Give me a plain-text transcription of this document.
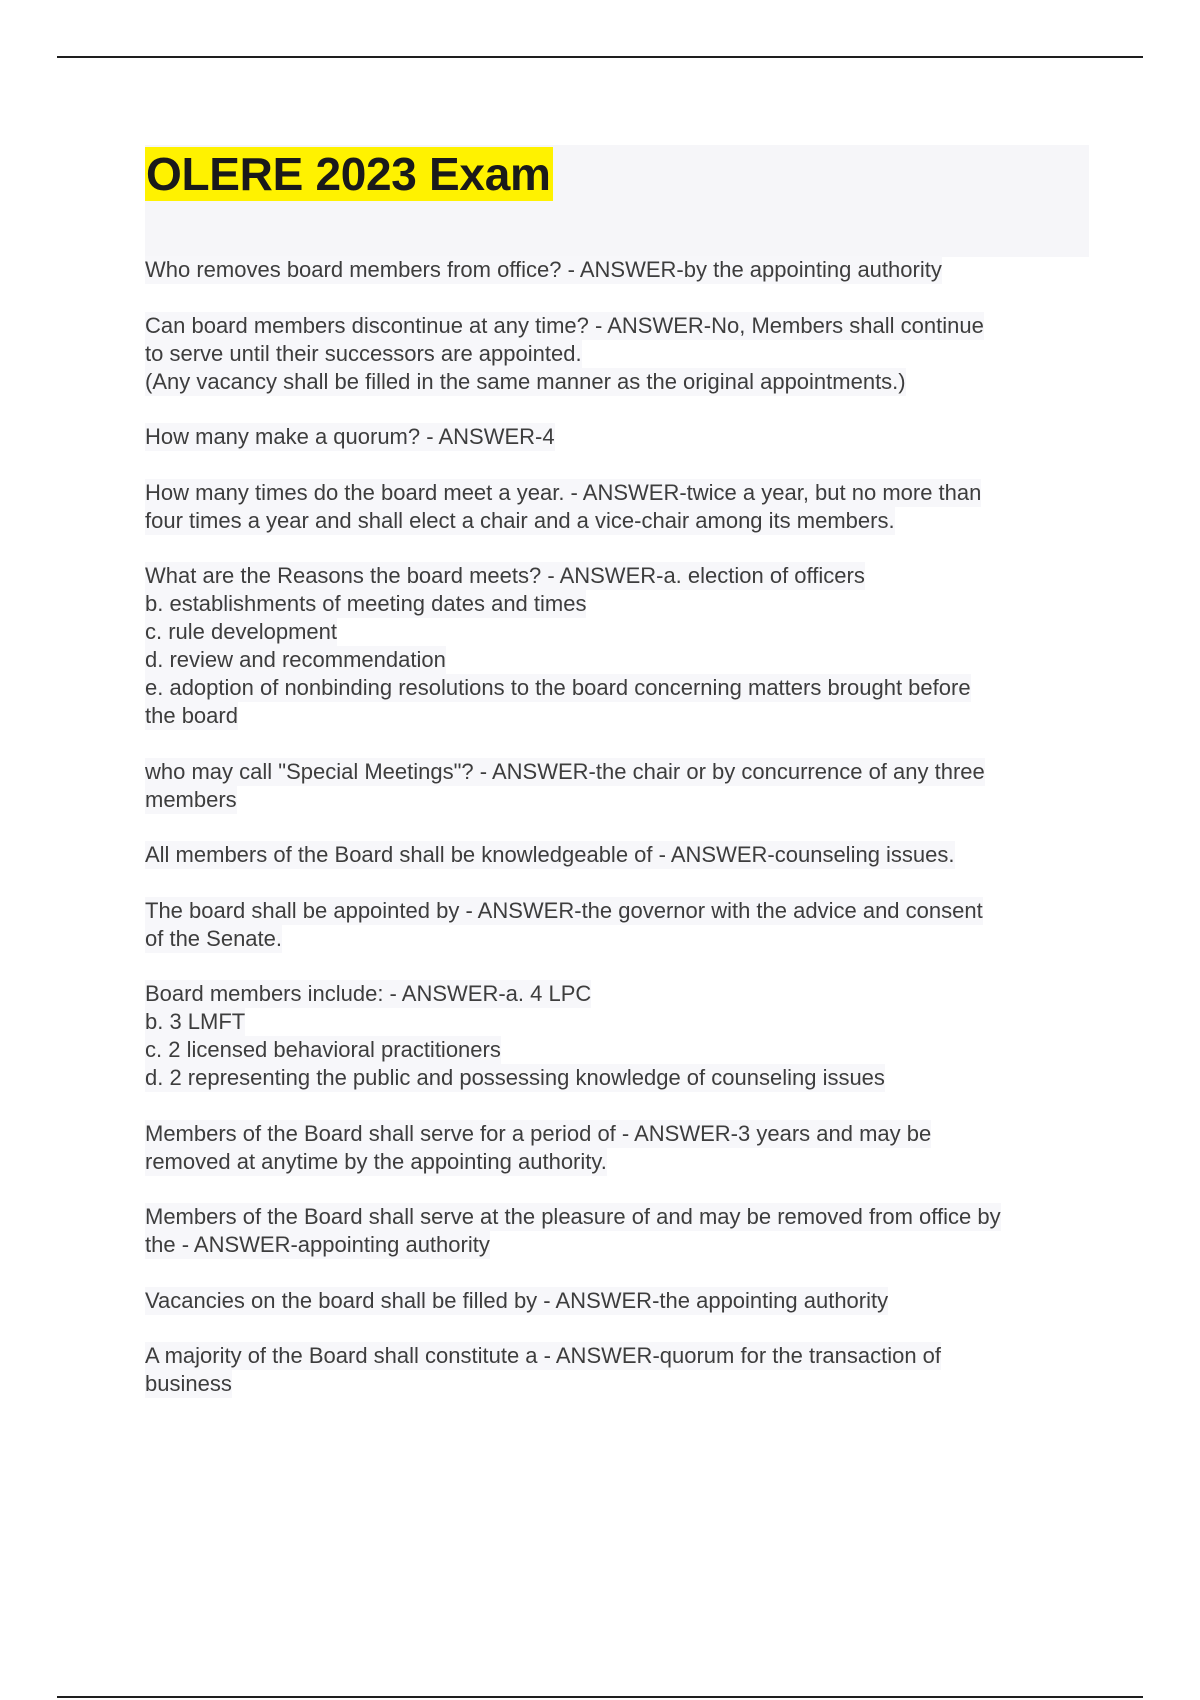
OLERE 2023 Exam

Who removes board members from office? - ANSWER-by the appointing authority

Can board members discontinue at any time? - ANSWER-No, Members shall continue
to serve until their successors are appointed.
(Any vacancy shall be filled in the same manner as the original appointments.)

How many make a quorum? - ANSWER-4

How many times do the board meet a year. - ANSWER-twice a year, but no more than
four times a year and shall elect a chair and a vice-chair among its members.

What are the Reasons the board meets? - ANSWER-a. election of officers
b. establishments of meeting dates and times
c. rule development
d. review and recommendation
e. adoption of nonbinding resolutions to the board concerning matters brought before
the board

who may call "Special Meetings"? - ANSWER-the chair or by concurrence of any three
members

All members of the Board shall be knowledgeable of - ANSWER-counseling issues.

The board shall be appointed by - ANSWER-the governor with the advice and consent
of the Senate.

Board members include: - ANSWER-a. 4 LPC
b. 3 LMFT
c. 2 licensed behavioral practitioners
d. 2 representing the public and possessing knowledge of counseling issues

Members of the Board shall serve for a period of - ANSWER-3 years and may be
removed at anytime by the appointing authority.

Members of the Board shall serve at the pleasure of and may be removed from office by
the - ANSWER-appointing authority

Vacancies on the board shall be filled by - ANSWER-the appointing authority

A majority of the Board shall constitute a - ANSWER-quorum for the transaction of
business
